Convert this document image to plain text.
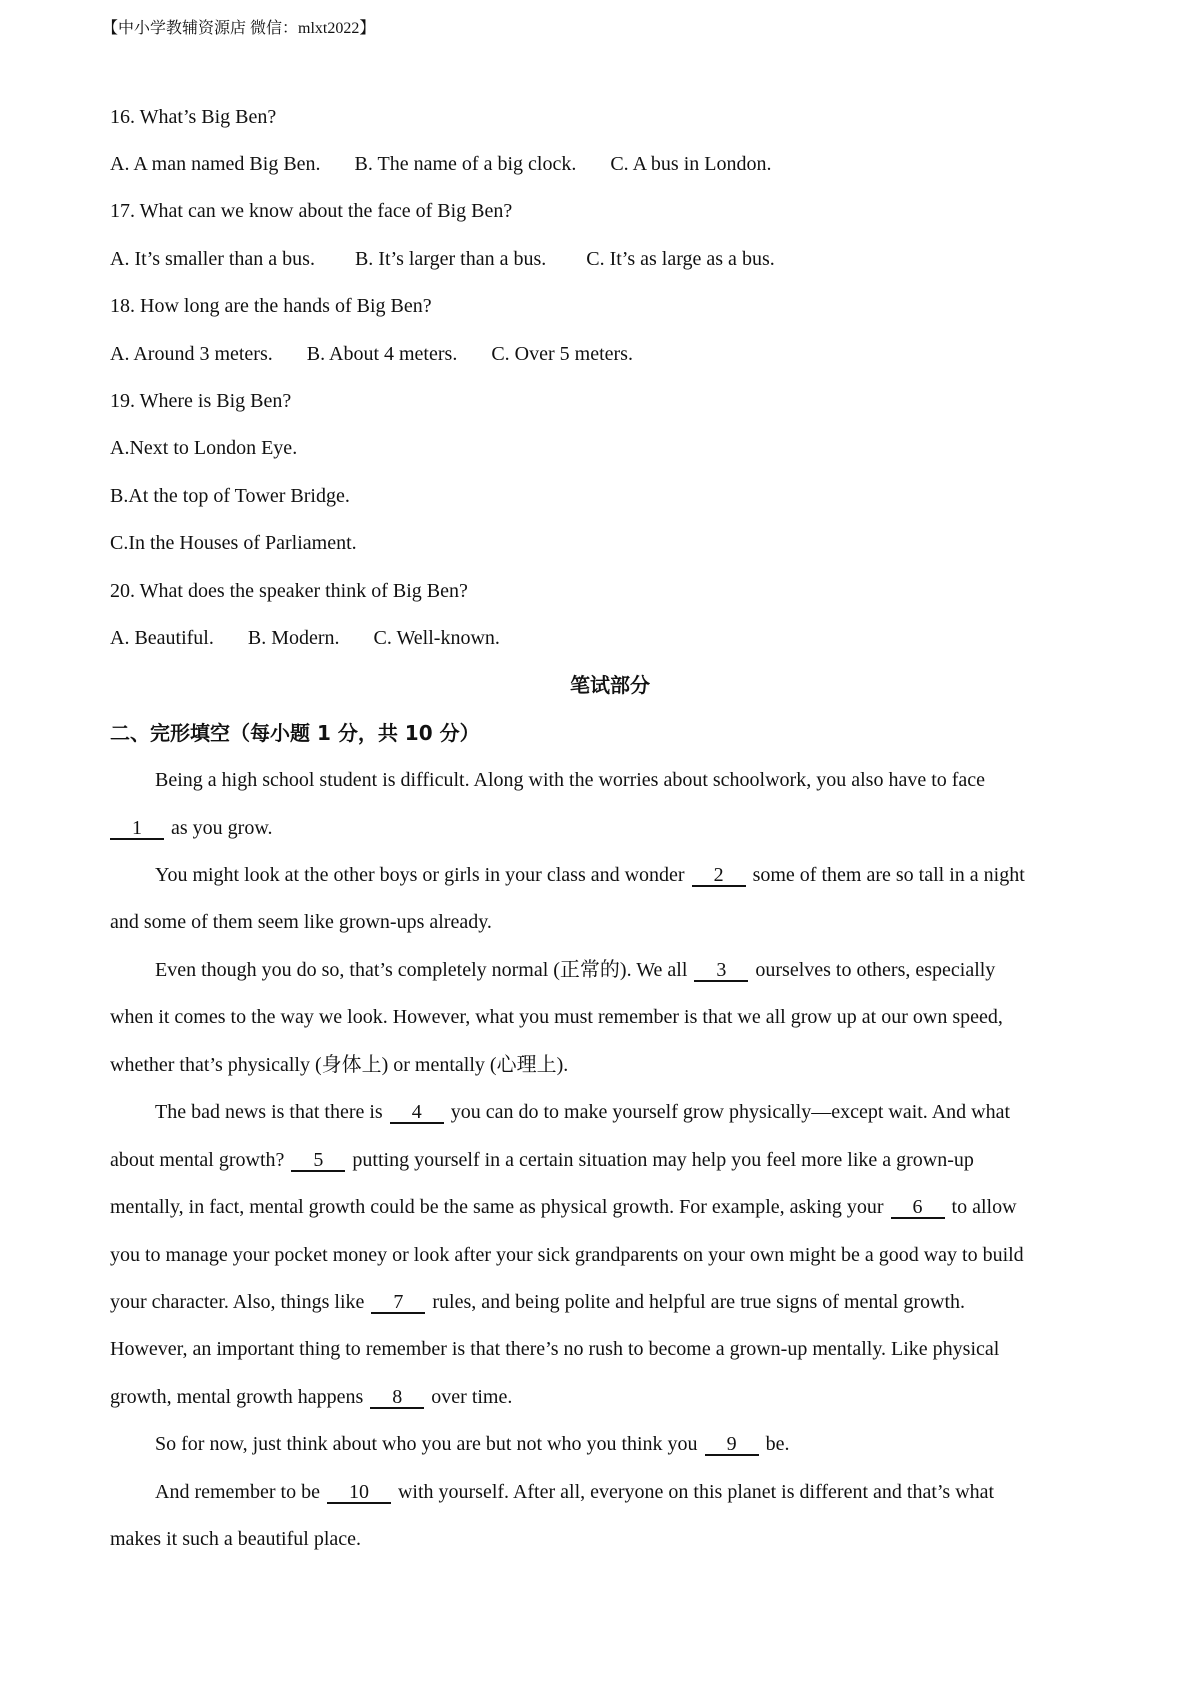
【中小学教辅资源店 微信：mlxt2022】
16. What’s Big Ben?
A. A man named Big Ben. B. The name of a big clock. C. A bus in London.
17. What can we know about the face of Big Ben?
A. It’s smaller than a bus. B. It’s larger than a bus. C. It’s as large as a bus.
18. How long are the hands of Big Ben?
A. Around 3 meters. B. About 4 meters. C. Over 5 meters.
19. Where is Big Ben?
A.Next to London Eye.
B.At the top of Tower Bridge.
C.In the Houses of Parliament.
20. What does the speaker think of Big Ben?
A. Beautiful. B. Modern. C. Well-known.
笔试部分
二、完形填空（每小题 1 分，共 10 分）
Being a high school student is difficult. Along with the worries about schoolwork, you also have to face
1 as you grow.
You might look at the other boys or girls in your class and wonder 2 some of them are so tall in a night
and some of them seem like grown-ups already.
Even though you do so, that’s completely normal (正常的). We all 3 ourselves to others, especially
when it comes to the way we look. However, what you must remember is that we all grow up at our own speed,
whether that’s physically (身体上) or mentally (心理上).
The bad news is that there is 4 you can do to make yourself grow physically—except wait. And what
about mental growth? 5 putting yourself in a certain situation may help you feel more like a grown-up
mentally, in fact, mental growth could be the same as physical growth. For example, asking your 6 to allow
you to manage your pocket money or look after your sick grandparents on your own might be a good way to build
your character. Also, things like 7 rules, and being polite and helpful are true signs of mental growth.
However, an important thing to remember is that there’s no rush to become a grown-up mentally. Like physical
growth, mental growth happens 8 over time.
So for now, just think about who you are but not who you think you 9 be.
And remember to be 10 with yourself. After all, everyone on this planet is different and that’s what
makes it such a beautiful place.
